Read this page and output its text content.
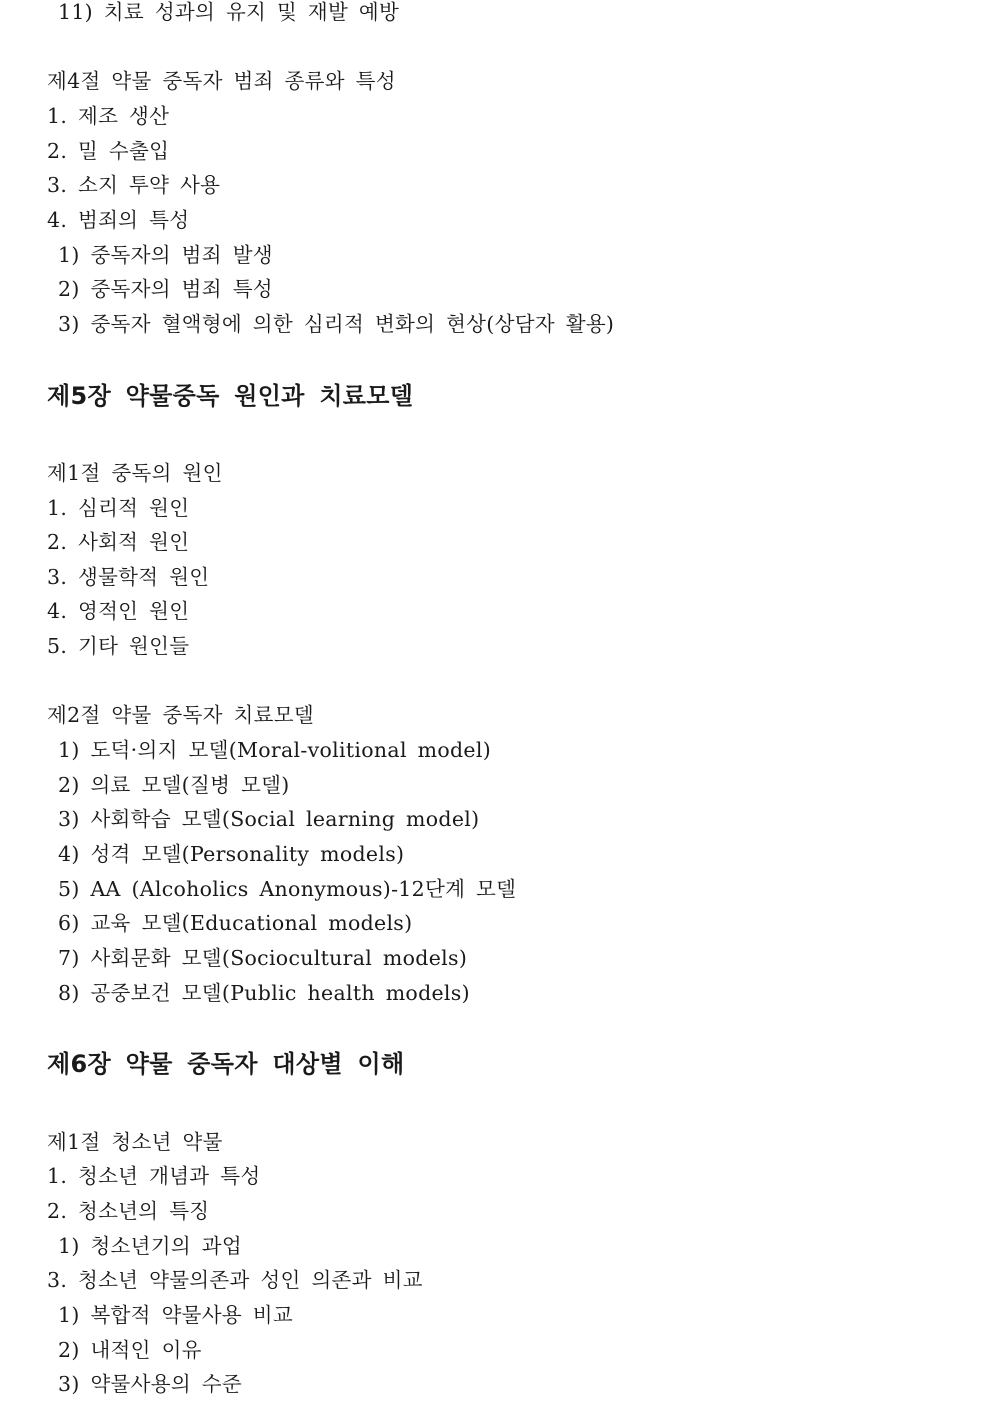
11) 치료 성과의 유지 및 재발 예방
제4절 약물 중독자 범죄 종류와 특성
1. 제조 생산
2. 밀 수출입
3. 소지 투약 사용
4. 범죄의 특성
1) 중독자의 범죄 발생
2) 중독자의 범죄 특성
3) 중독자 혈액형에 의한 심리적 변화의 현상(상담자 활용)
제5장 약물중독 원인과 치료모델
제1절 중독의 원인
1. 심리적 원인
2. 사회적 원인
3. 생물학적 원인
4. 영적인 원인
5. 기타 원인들
제2절 약물 중독자 치료모델
1) 도덕·의지 모델(Moral-volitional model)
2) 의료 모델(질병 모델)
3) 사회학습 모델(Social learning model)
4) 성격 모델(Personality models)
5) AA (Alcoholics Anonymous)-12단계 모델
6) 교육 모델(Educational models)
7) 사회문화 모델(Sociocultural models)
8) 공중보건 모델(Public health models)
제6장 약물 중독자 대상별 이해
제1절 청소년 약물
1. 청소년 개념과 특성
2. 청소년의 특징
1) 청소년기의 과업
3. 청소년 약물의존과 성인 의존과 비교
1) 복합적 약물사용 비교
2) 내적인 이유
3) 약물사용의 수준
